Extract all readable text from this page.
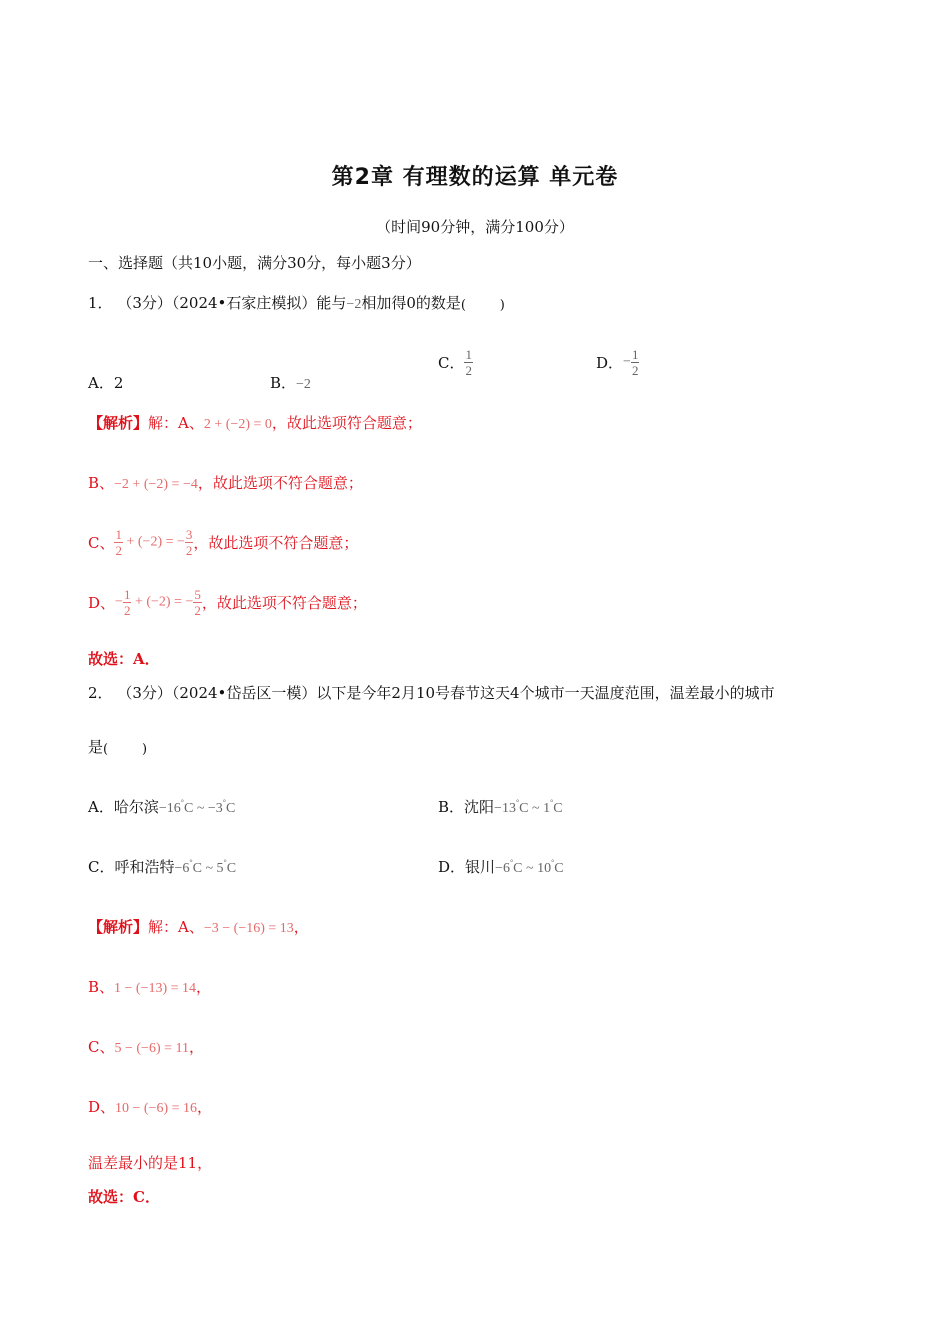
第2章 有理数的运算 单元卷
（时间90分钟，满分100分）
一、选择题（共10小题，满分30分，每小题3分）
1． （3分）（2024•石家庄模拟）能与−2相加得0的数是 (	)
A．2	B．−2
C． $\frac{1}{2}$	D．− $\frac{1}{2}$
【解析】解：A、2 + (−2) = 0，故此选项符合题意；
B、−2 + (−2) = −4，故此选项不符合题意；
C、 $\frac{1}{2} + (-2)$ = − $\frac{3}{2}$ ，故此选项不符合题意；
D、− $\frac{1}{2} + (-2)$ = − $\frac{5}{2}$ ，故此选项不符合题意；
故选：A．
2． （3分）（2024•岱岳区一模）以下是今年2月10号春节这天4个城市一天温度范围，温差最小的城市
是 (	)
A．哈尔滨−16°C ~ −3°C	B．沈阳−13°C ~ 1°C
C．呼和浩特−6°C ~ 5°C	D．银川−6°C ~ 10°C
【解析】解：A、−3 − (−16) = 13，
B、1 − (−13) = 14，
C、5 − (−6) = 11，
D、10 − (−6) = 16，
温差最小的是11，
故选：C．
